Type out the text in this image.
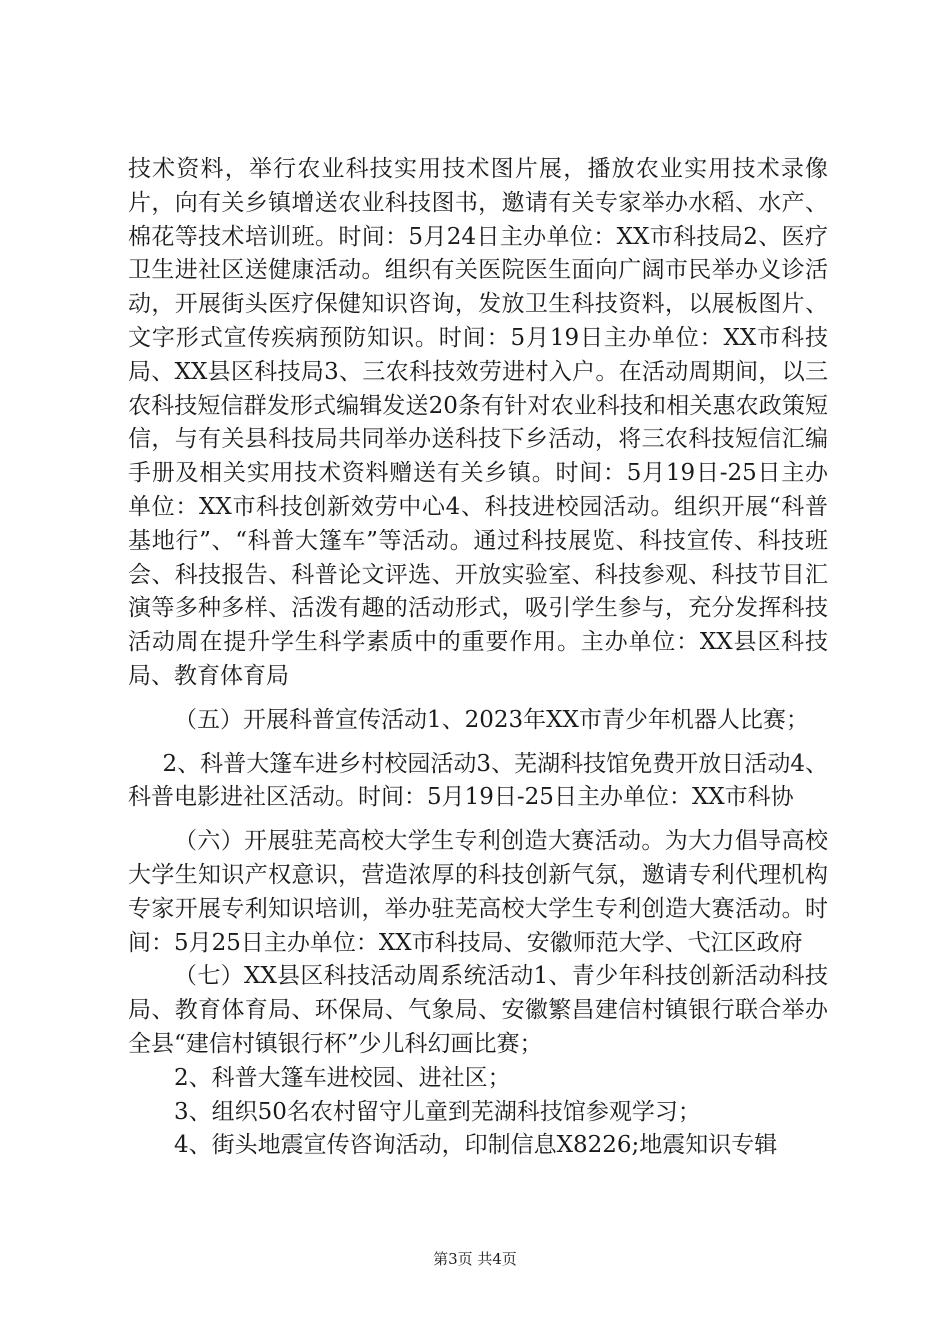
技术资料，举行农业科技实用技术图片展，播放农业实用技术录像片，向有关乡镇增送农业科技图书，邀请有关专家举办水稻、水产、棉花等技术培训班。时间：5月24日主办单位：XX市科技局2、医疗卫生进社区送健康活动。组织有关医院医生面向广阔市民举办义诊活动，开展街头医疗保健知识咨询，发放卫生科技资料，以展板图片、文字形式宣传疾病预防知识。时间：5月19日主办单位：XX市科技局、XX县区科技局3、三农科技效劳进村入户。在活动周期间，以三农科技短信群发形式编辑发送20条有针对农业科技和相关惠农政策短信，与有关县科技局共同举办送科技下乡活动，将三农科技短信汇编手册及相关实用技术资料赠送有关乡镇。时间：5月19日-25日主办单位：XX市科技创新效劳中心4、科技进校园活动。组织开展“科普基地行”、“科普大篷车”等活动。通过科技展览、科技宣传、科技班会、科技报告、科普论文评选、开放实验室、科技参观、科技节目汇演等多种多样、活泼有趣的活动形式，吸引学生参与，充分发挥科技活动周在提升学生科学素质中的重要作用。主办单位：XX县区科技局、教育体育局

（五）开展科普宣传活动1、2023年XX市青少年机器人比赛；

2、科普大篷车进乡村校园活动3、芜湖科技馆免费开放日活动4、科普电影进社区活动。时间：5月19日-25日主办单位：XX市科协

（六）开展驻芜高校大学生专利创造大赛活动。为大力倡导高校大学生知识产权意识，营造浓厚的科技创新气氛，邀请专利代理机构专家开展专利知识培训，举办驻芜高校大学生专利创造大赛活动。时间：5月25日主办单位：XX市科技局、安徽师范大学、弋江区政府

（七）XX县区科技活动周系统活动1、青少年科技创新活动科技局、教育体育局、环保局、气象局、安徽繁昌建信村镇银行联合举办全县“建信村镇银行杯”少儿科幻画比赛；

2、科普大篷车进校园、进社区；

3、组织50名农村留守儿童到芜湖科技馆参观学习；

4、街头地震宣传咨询活动，印制信息X8226;地震知识专辑

第3页 共4页
